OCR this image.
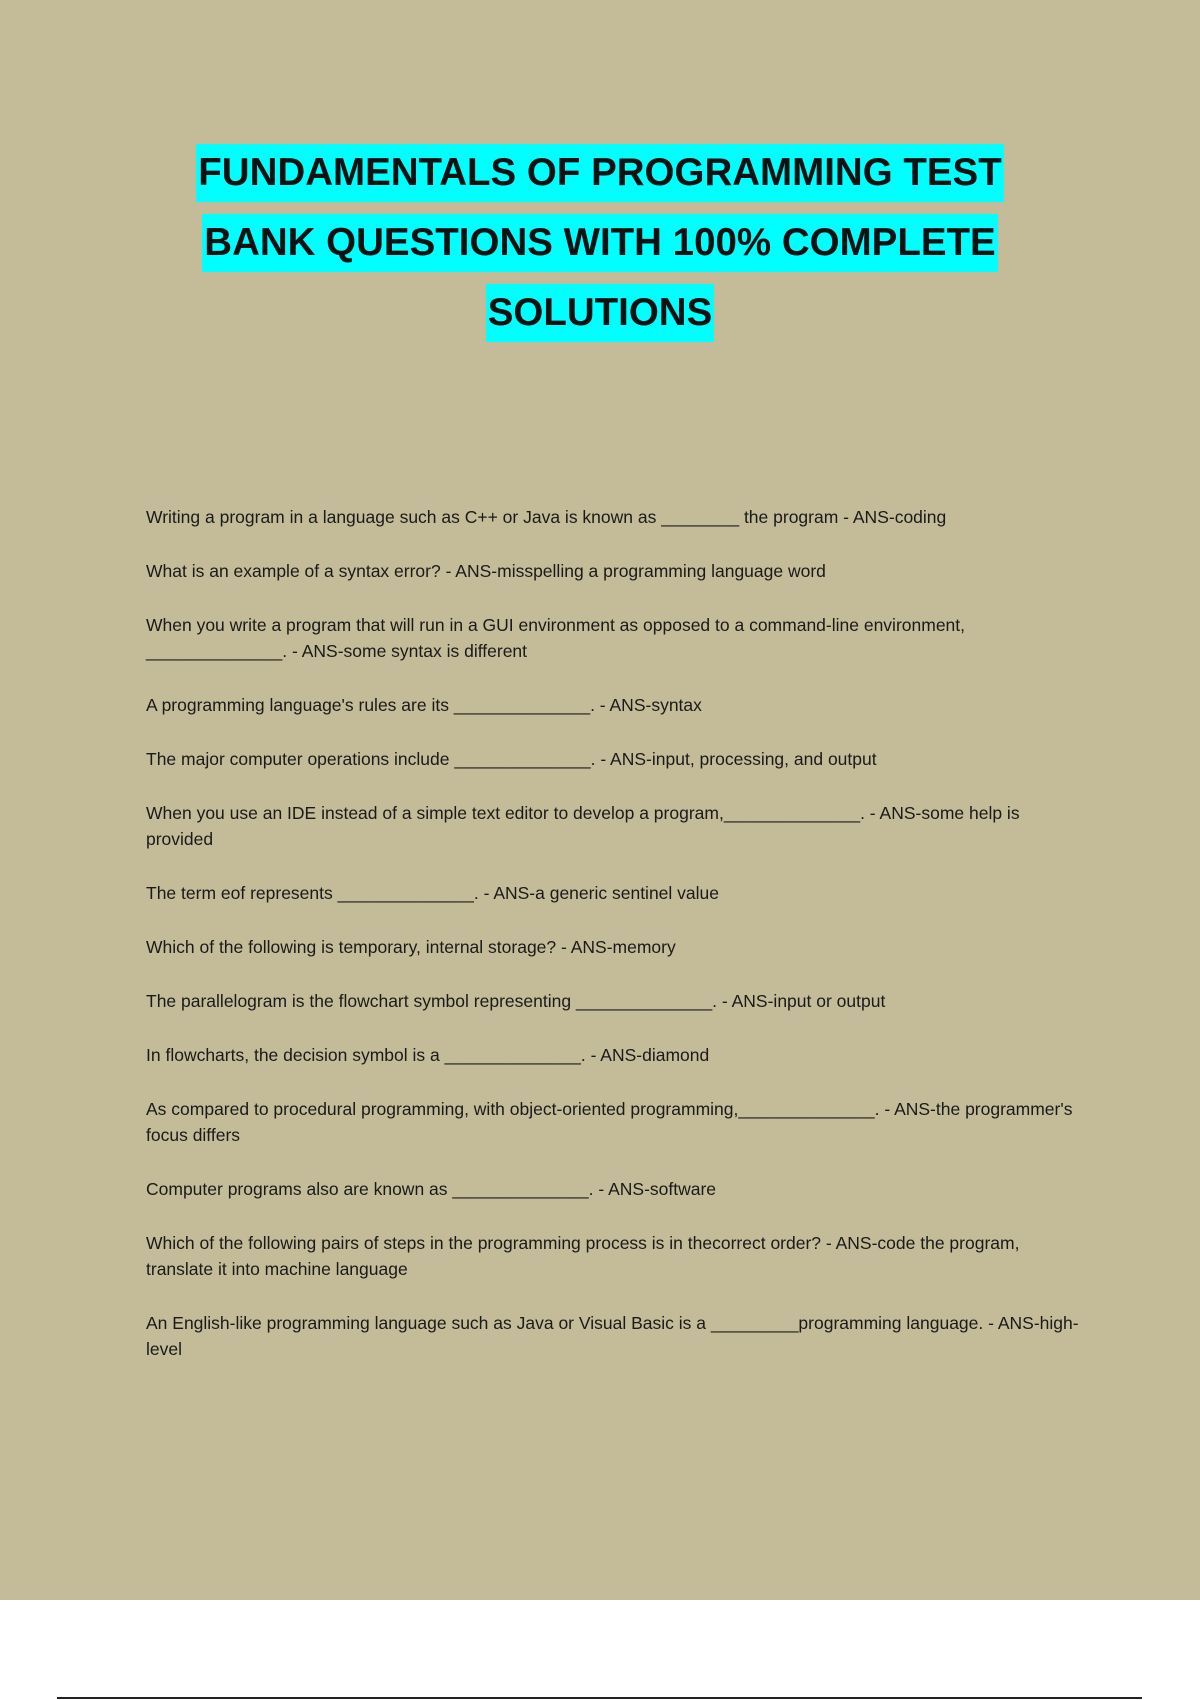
FUNDAMENTALS OF PROGRAMMING TEST
BANK QUESTIONS WITH 100% COMPLETE
SOLUTIONS
Writing a program in a language such as C++ or Java is known as ________ the program - ANS-coding
What is an example of a syntax error? - ANS-misspelling a programming language word
When you write a program that will run in a GUI environment as opposed to a command-line environment, ______________. - ANS-some syntax is different
A programming language's rules are its ______________. - ANS-syntax
The major computer operations include ______________. - ANS-input, processing, and output
When you use an IDE instead of a simple text editor to develop a program,______________. - ANS-some help is provided
The term eof represents ______________. - ANS-a generic sentinel value
Which of the following is temporary, internal storage? - ANS-memory
The parallelogram is the flowchart symbol representing ______________. - ANS-input or output
In flowcharts, the decision symbol is a ______________. - ANS-diamond
As compared to procedural programming, with object-oriented programming,______________. - ANS-the programmer's focus differs
Computer programs also are known as ______________. - ANS-software
Which of the following pairs of steps in the programming process is in thecorrect order? - ANS-code the program, translate it into machine language
An English-like programming language such as Java or Visual Basic is a _________programming language. - ANS-high-level
